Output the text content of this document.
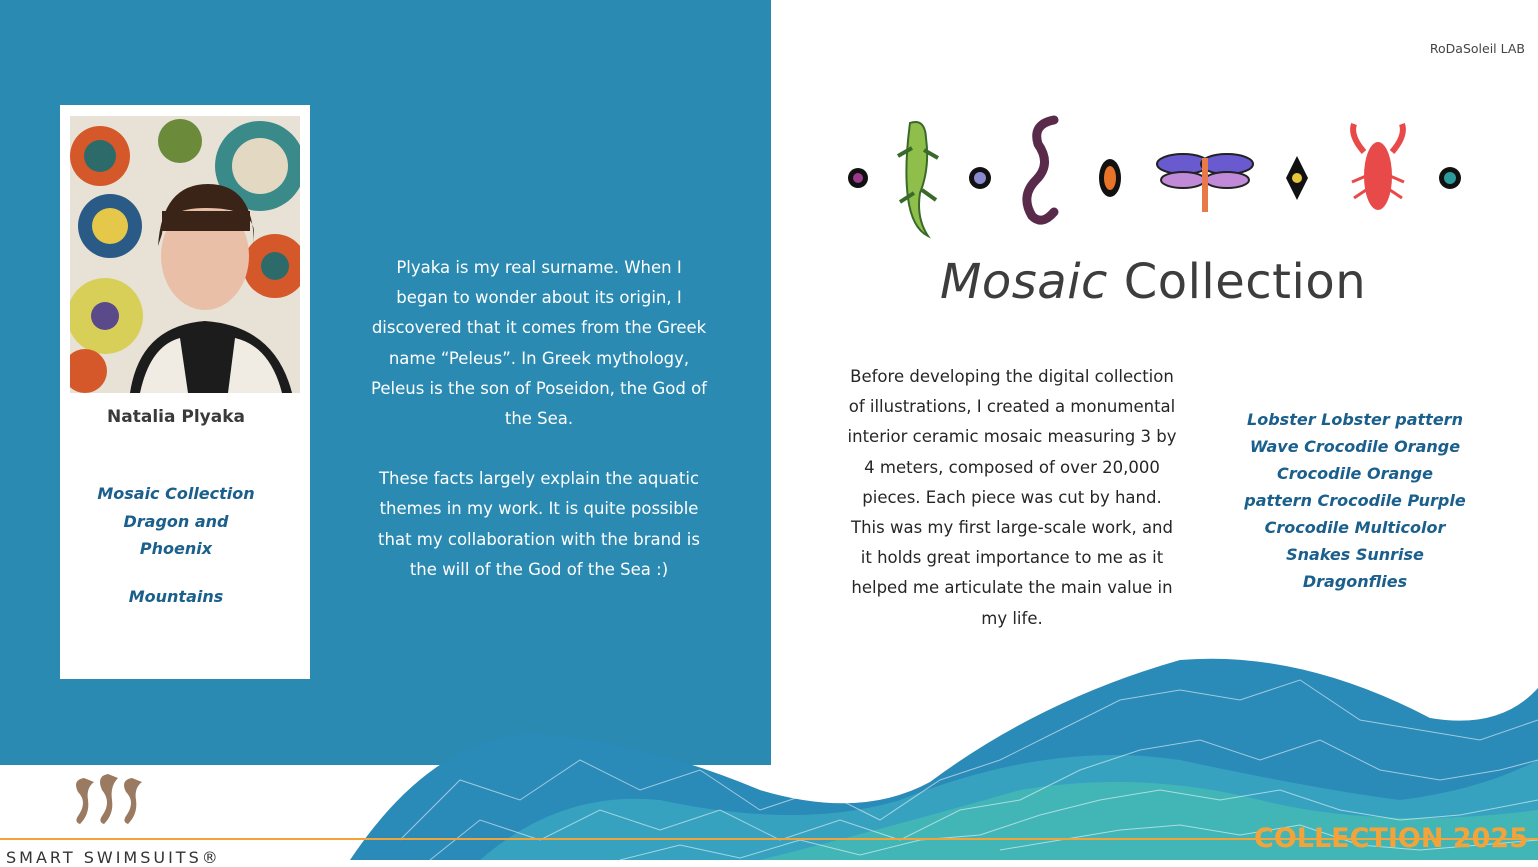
Natalia Plyaka
Mosaic Collection
Dragon and
Phoenix
Mountains

Plyaka is my real surname. When I began to wonder about its origin, I discovered that it comes from the Greek name “Peleus”. In Greek mythology, Peleus is the son of Poseidon, the God of the Sea.

These facts largely explain the aquatic themes in my work. It is quite possible that my collaboration with the brand is the will of the God of the Sea :)

RoDaSoleil LAB
Mosaic Collection
Before developing the digital collection of illustrations, I created a monumental interior ceramic mosaic measuring 3 by 4 meters, composed of over 20,000 pieces. Each piece was cut by hand. This was my first large-scale work, and it holds great importance to me as it helped me articulate the main value in my life.
Lobster Lobster pattern
Wave Crocodile Orange
Crocodile Orange
pattern Crocodile Purple
Crocodile Multicolor
Snakes Sunrise
Dragonflies
SMART SWIMSUITS®
COLLECTION 2025
